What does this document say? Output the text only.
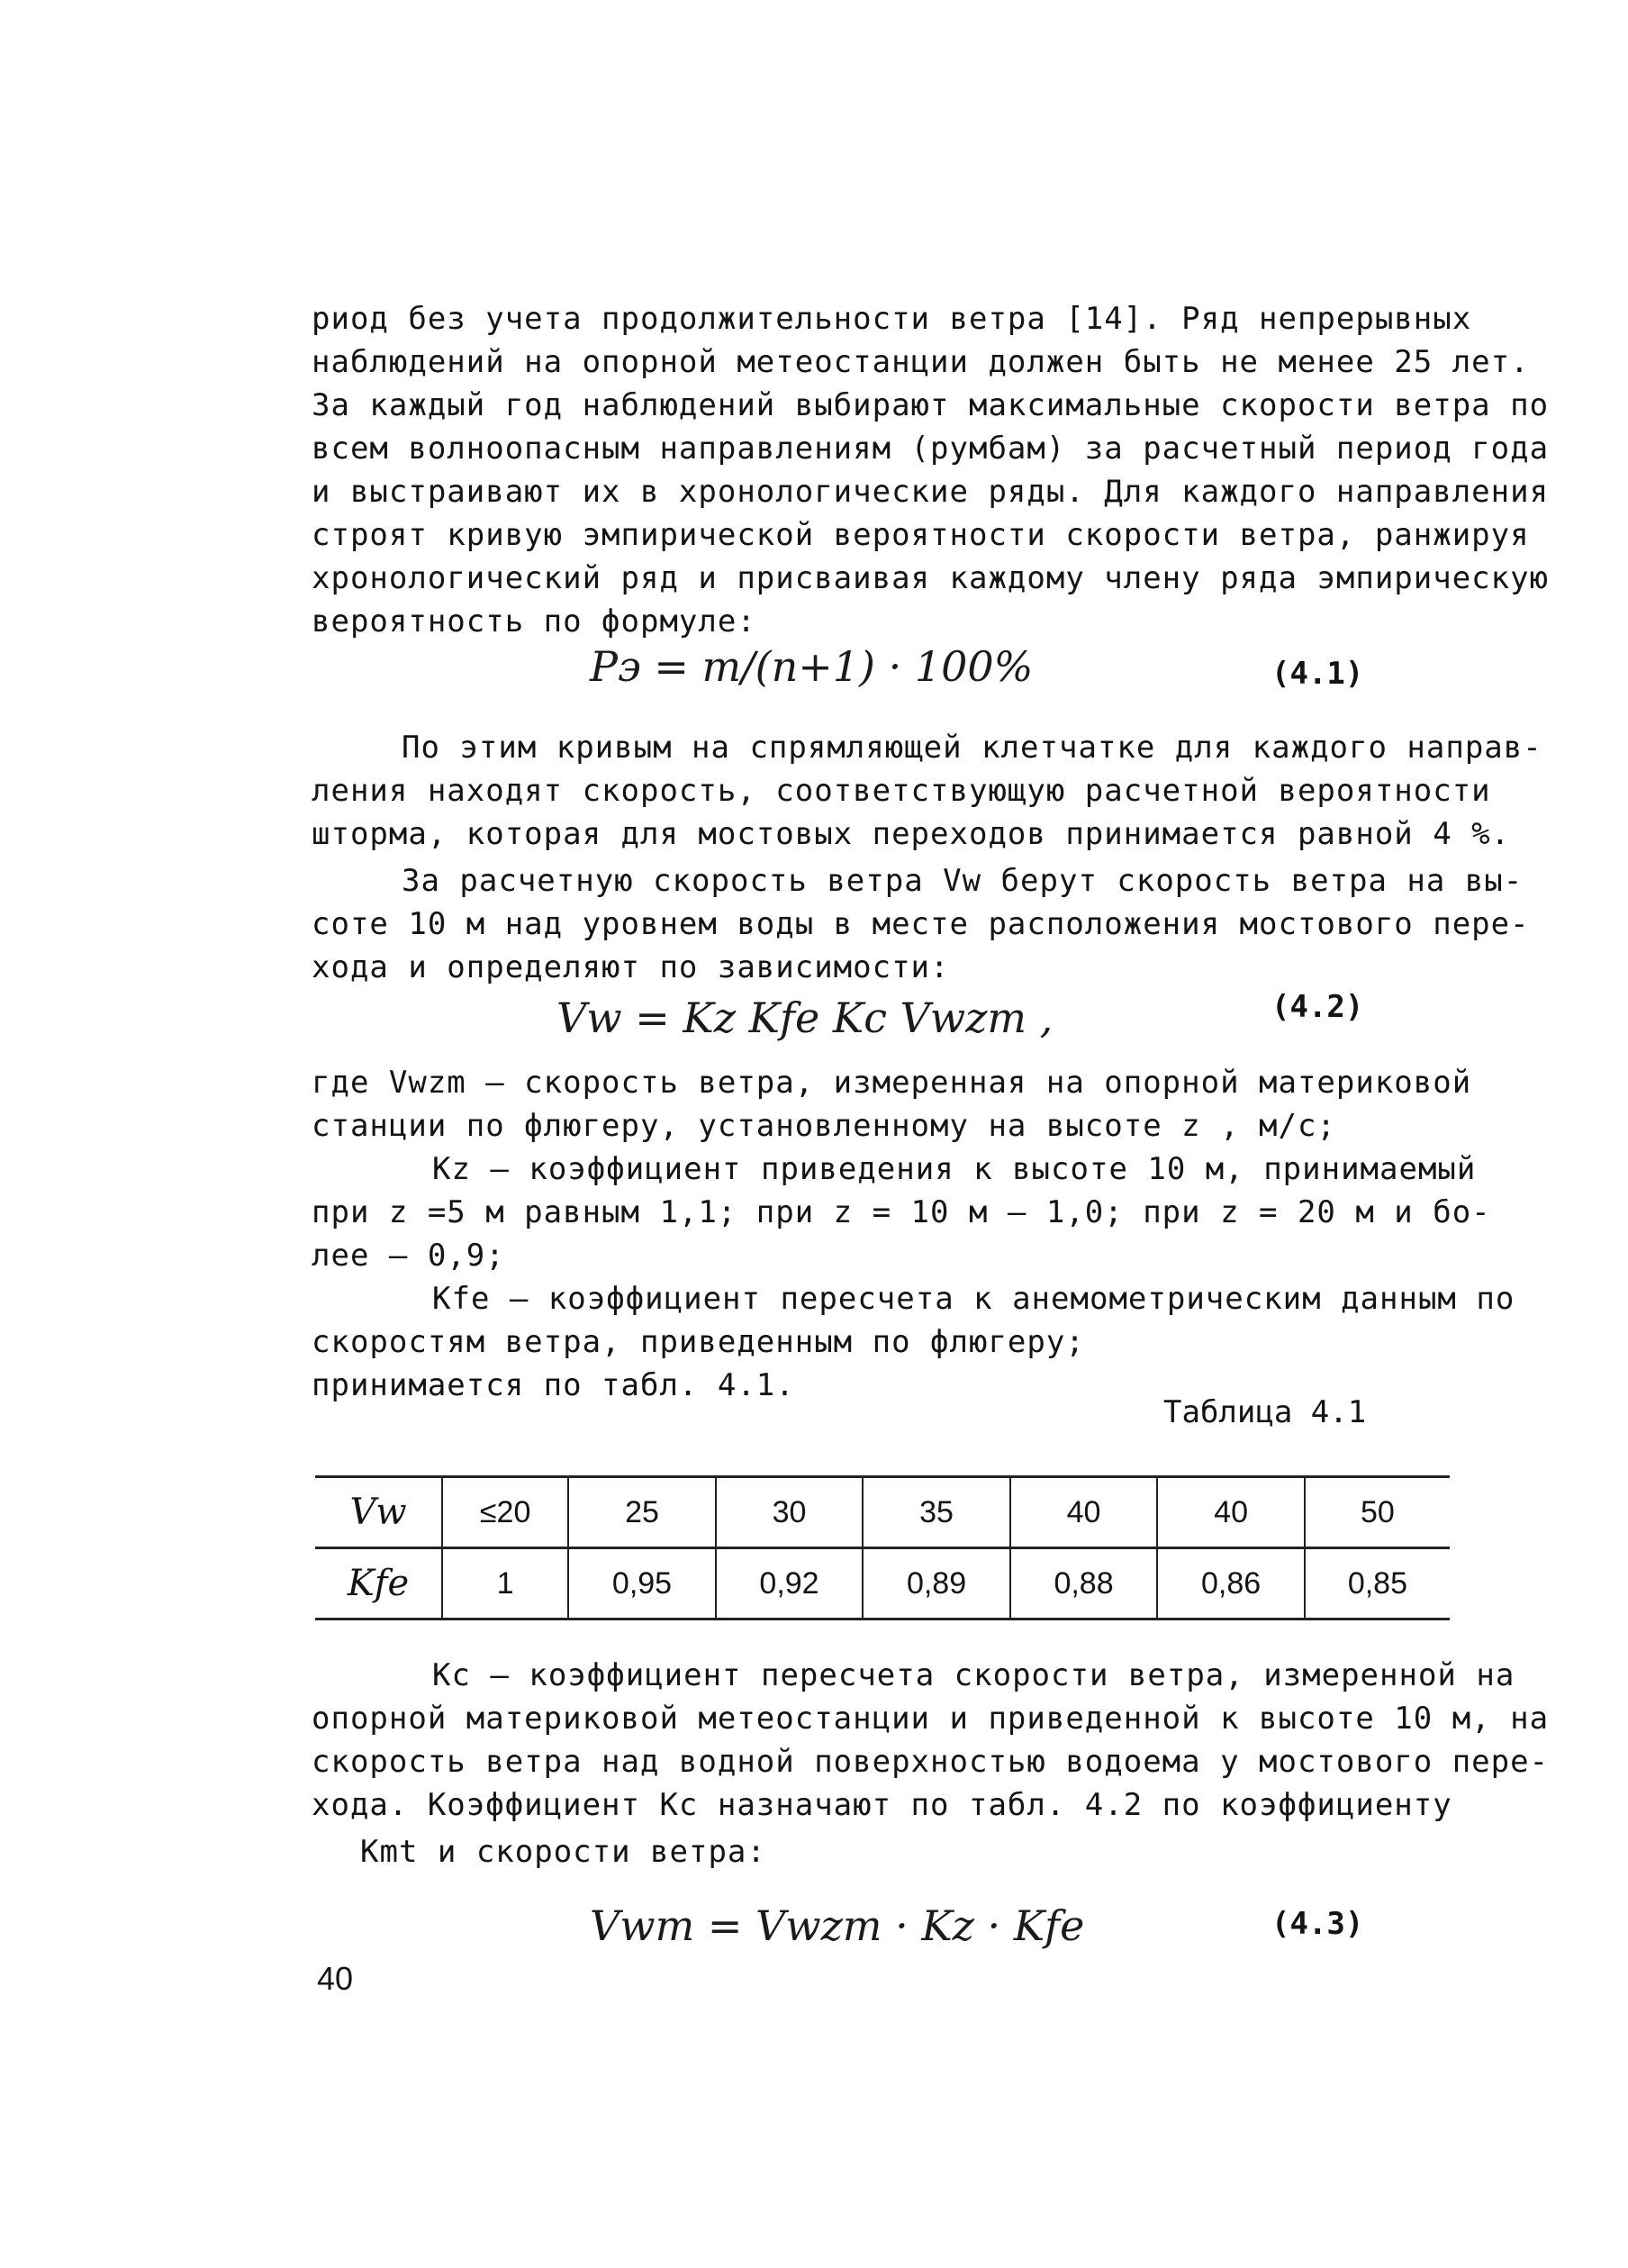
риод без учета продолжительности ветра [14]. Ряд непрерывных
наблюдений на опорной метеостанции должен быть не менее 25 лет.
За каждый год наблюдений выбирают максимальные скорости ветра по
всем волноопасным направлениям (румбам) за расчетный период года
и выстраивают их в хронологические ряды. Для каждого направления
строят кривую эмпирической вероятности скорости ветра, ранжируя
хронологический ряд и присваивая каждому члену ряда эмпирическую
вероятность по формуле:
Pэ = m/(n+1) · 100%	(4.1)
По этим кривым на спрямляющей клетчатке для каждого направ-
ления находят скорость, соответствующую расчетной вероятности
шторма, которая для мостовых переходов принимается равной 4 %.
За расчетную скорость ветра Vw берут скорость ветра на вы-
соте 10 м над уровнем воды в месте расположения мостового пере-
хода и определяют по зависимости:
Vw = Kz Kfe Kc Vwzm ,	(4.2)
где Vwzm – скорость ветра, измеренная на опорной материковой
станции по флюгеру, установленному на высоте z , м/с;
Kz – коэффициент приведения к высоте 10 м, принимаемый
при z =5 м равным 1,1; при z = 10 м – 1,0; при z = 20 м и бо-
лее – 0,9;
Kfe – коэффициент пересчета к анемометрическим данным по
скоростям ветра, приведенным по флюгеру;
принимается по табл. 4.1.
Таблица 4.1
Vw	≤20	25	30	35	40	40	50
Kfe	1	0,95	0,92	0,89	0,88	0,86	0,85
Kc – коэффициент пересчета скорости ветра, измеренной на
опорной материковой метеостанции и приведенной к высоте 10 м, на
скорость ветра над водной поверхностью водоема у мостового пере-
хода. Коэффициент Kc назначают по табл. 4.2 по коэффициенту
Kmt и скорости ветра:
Vwm = Vwzm · Kz · Kfe	(4.3)
40
